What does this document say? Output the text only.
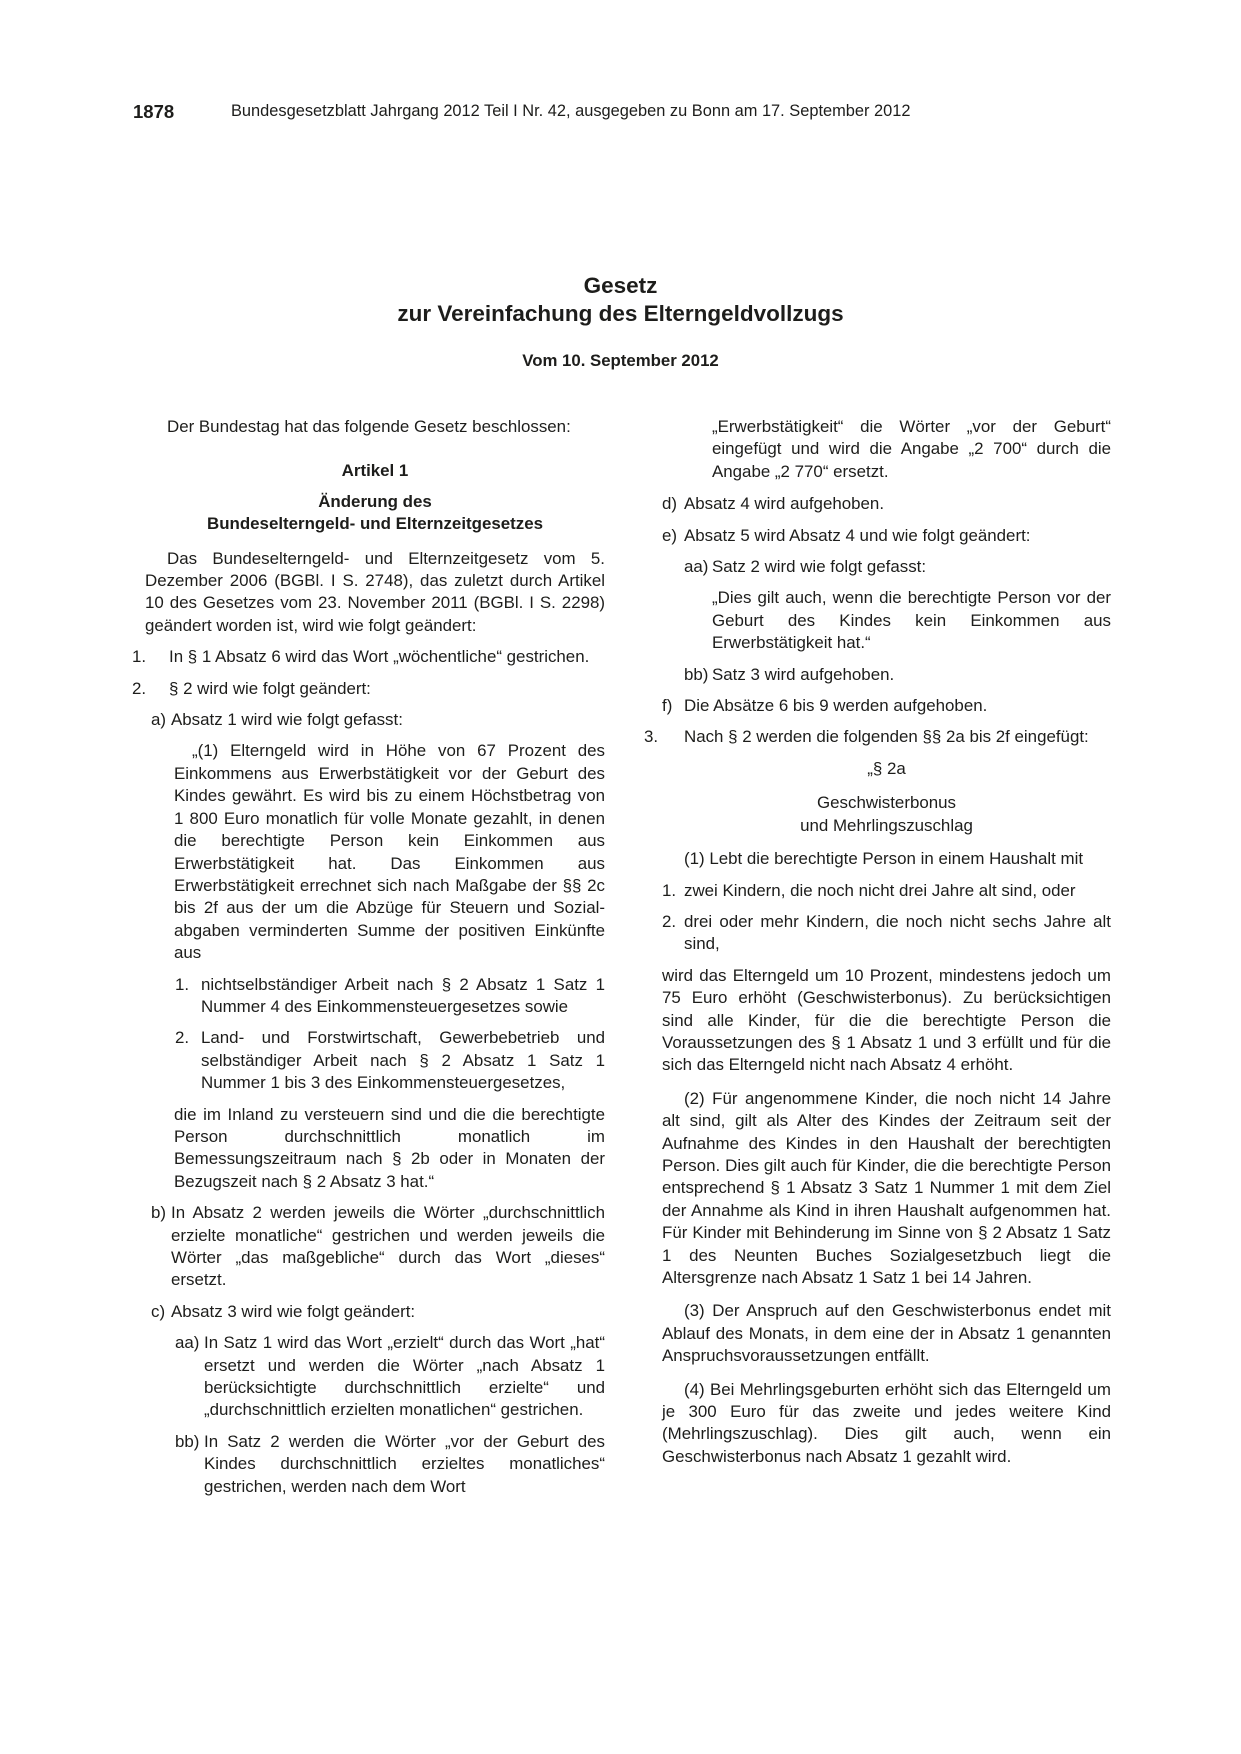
1878	Bundesgesetzblatt Jahrgang 2012 Teil I Nr. 42, ausgegeben zu Bonn am 17. September 2012
Gesetz
zur Vereinfachung des Elterngeldvollzugs
Vom 10. September 2012

Der Bundestag hat das folgende Gesetz beschlossen:

Artikel 1

Änderung des

Bundeselterngeld- und Elternzeitgesetzes

Das Bundeselterngeld- und Elternzeitgesetz vom 5. Dezember 2006 (BGBl. I S. 2748), das zuletzt durch Artikel 10 des Gesetzes vom 23. November 2011 (BGBl. I S. 2298) geändert worden ist, wird wie folgt geändert:

1. In § 1 Absatz 6 wird das Wort „wöchentliche“ gestrichen.
2. § 2 wird wie folgt geändert:
a) Absatz 1 wird wie folgt gefasst:

„(1) Elterngeld wird in Höhe von 67 Prozent des Einkommens aus Erwerbstätigkeit vor der Geburt des Kindes gewährt. Es wird bis zu einem Höchstbetrag von 1 800 Euro monatlich für volle Monate gezahlt, in denen die berechtigte Person kein Einkommen aus Erwerbstätigkeit hat. Das Einkommen aus Erwerbstätigkeit errechnet sich nach Maßgabe der §§ 2c bis 2f aus der um die Abzüge für Steuern und Sozialabgaben verminderten Summe der positiven Einkünfte aus

1. nichtselbständiger Arbeit nach § 2 Absatz 1 Satz 1 Nummer 4 des Einkommensteuergesetzes sowie
2. Land- und Forstwirtschaft, Gewerbebetrieb und selbständiger Arbeit nach § 2 Absatz 1 Satz 1 Nummer 1 bis 3 des Einkommensteuergesetzes,

die im Inland zu versteuern sind und die die berechtigte Person durchschnittlich monatlich im Bemessungszeitraum nach § 2b oder in Monaten der Bezugszeit nach § 2 Absatz 3 hat.“

b) In Absatz 2 werden jeweils die Wörter „durchschnittlich erzielte monatliche“ gestrichen und werden jeweils die Wörter „das maßgebliche“ durch das Wort „dieses“ ersetzt.
c) Absatz 3 wird wie folgt geändert:
aa) In Satz 1 wird das Wort „erzielt“ durch das Wort „hat“ ersetzt und werden die Wörter „nach Absatz 1 berücksichtigte durchschnittlich erzielte“ und „durchschnittlich erzielten monatlichen“ gestrichen.
bb) In Satz 2 werden die Wörter „vor der Geburt des Kindes durchschnittlich erzieltes monatliches“ gestrichen, werden nach dem Wort

„Erwerbstätigkeit“ die Wörter „vor der Geburt“ eingefügt und wird die Angabe „2 700“ durch die Angabe „2 770“ ersetzt.

d) Absatz 4 wird aufgehoben.
e) Absatz 5 wird Absatz 4 und wie folgt geändert:
aa) Satz 2 wird wie folgt gefasst:

„Dies gilt auch, wenn die berechtigte Person vor der Geburt des Kindes kein Einkommen aus Erwerbstätigkeit hat.“

bb) Satz 3 wird aufgehoben.
f) Die Absätze 6 bis 9 werden aufgehoben.
3. Nach § 2 werden die folgenden §§ 2a bis 2f eingefügt:

„§ 2a

Geschwisterbonus

und Mehrlingszuschlag

(1) Lebt die berechtigte Person in einem Haushalt mit

1. zwei Kindern, die noch nicht drei Jahre alt sind, oder
2. drei oder mehr Kindern, die noch nicht sechs Jahre alt sind,

wird das Elterngeld um 10 Prozent, mindestens jedoch um 75 Euro erhöht (Geschwisterbonus). Zu berücksichtigen sind alle Kinder, für die die berechtigte Person die Voraussetzungen des § 1 Absatz 1 und 3 erfüllt und für die sich das Elterngeld nicht nach Absatz 4 erhöht.

(2) Für angenommene Kinder, die noch nicht 14 Jahre alt sind, gilt als Alter des Kindes der Zeitraum seit der Aufnahme des Kindes in den Haushalt der berechtigten Person. Dies gilt auch für Kinder, die die berechtigte Person entsprechend § 1 Absatz 3 Satz 1 Nummer 1 mit dem Ziel der Annahme als Kind in ihren Haushalt aufgenommen hat. Für Kinder mit Behinderung im Sinne von § 2 Absatz 1 Satz 1 des Neunten Buches Sozialgesetzbuch liegt die Altersgrenze nach Absatz 1 Satz 1 bei 14 Jahren.

(3) Der Anspruch auf den Geschwisterbonus endet mit Ablauf des Monats, in dem eine der in Absatz 1 genannten Anspruchsvoraussetzungen entfällt.

(4) Bei Mehrlingsgeburten erhöht sich das Elterngeld um je 300 Euro für das zweite und jedes weitere Kind (Mehrlingszuschlag). Dies gilt auch, wenn ein Geschwisterbonus nach Absatz 1 gezahlt wird.
